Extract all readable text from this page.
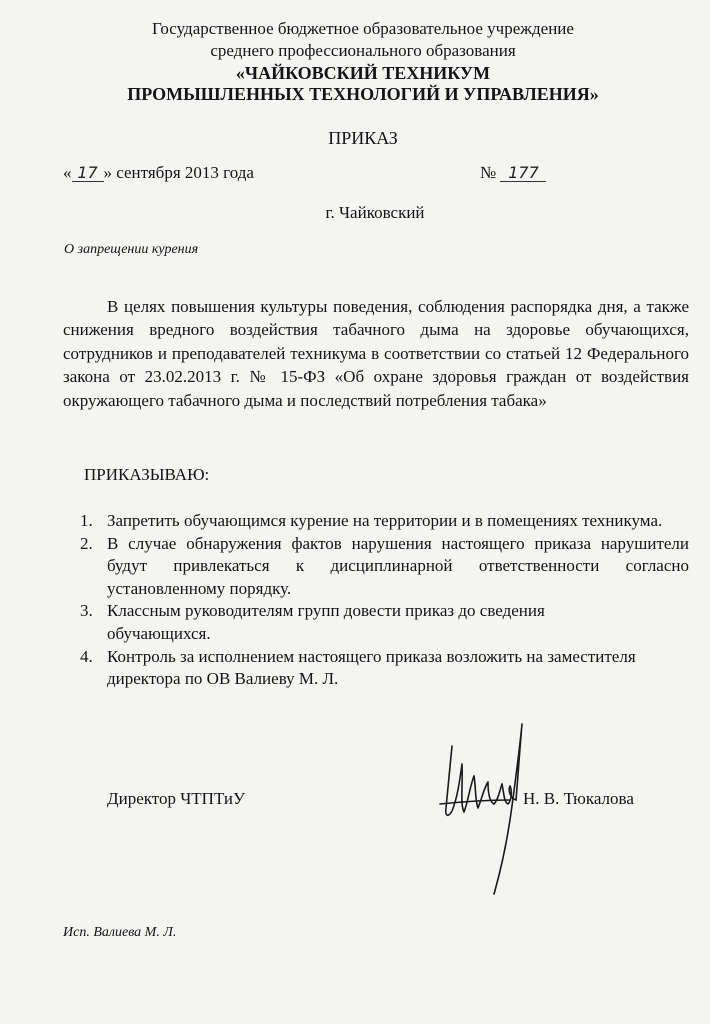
Государственное бюджетное образовательное учреждение
среднего профессионального образования
«ЧАЙКОВСКИЙ ТЕХНИКУМ
ПРОМЫШЛЕННЫХ ТЕХНОЛОГИЙ И УПРАВЛЕНИЯ»
ПРИКАЗ
« 17 » сентября 2013 года	№ 177
г. Чайковский
О запрещении курения
В целях повышения культуры поведения, соблюдения распорядка дня, а также снижения вредного воздействия табачного дыма на здоровье обучающихся, сотрудников и преподавателей техникума в соответствии со статьей 12 Федерального закона от 23.02.2013 г. № 15-ФЗ «Об охране здоровья граждан от воздействия окружающего табачного дыма и последствий потребления табака»
ПРИКАЗЫВАЮ:
1. Запретить обучающимся курение на территории и в помещениях техникума.
2. В случае обнаружения фактов нарушения настоящего приказа нарушители будут привлекаться к дисциплинарной ответственности согласно установленному порядку.
3. Классным руководителям групп довести приказ до сведения обучающихся.
4. Контроль за исполнением настоящего приказа возложить на заместителя директора по ОВ Валиеву М. Л.
Директор ЧТПТиУ	Н. В. Тюкалова
Исп. Валиева М. Л.
